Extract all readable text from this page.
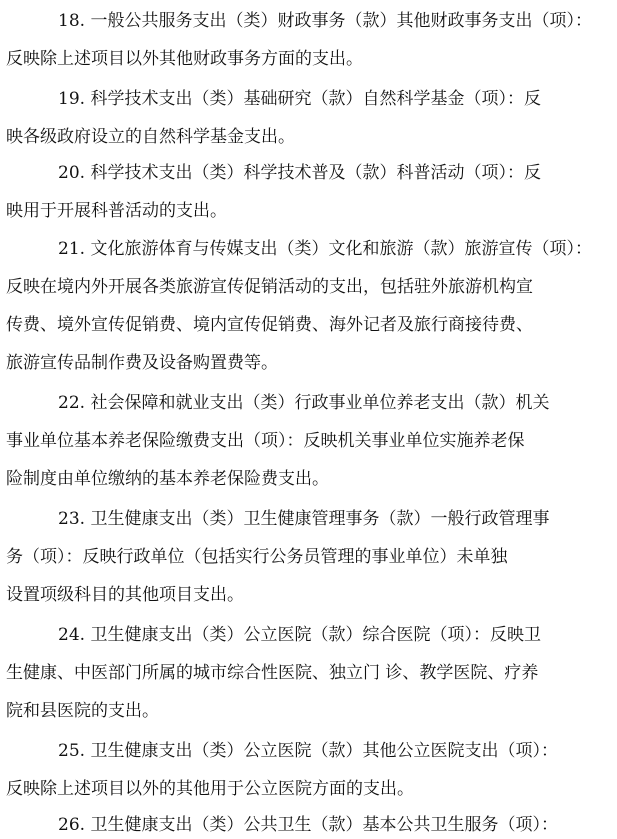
18. 一般公共服务支出（类）财政事务（款）其他财政事务支出（项）：
反映除上述项目以外其他财政事务方面的支出。
19. 科学技术支出（类）基础研究（款）自然科学基金（项）：反
映各级政府设立的自然科学基金支出。
20. 科学技术支出（类）科学技术普及（款）科普活动（项）：反
映用于开展科普活动的支出。
21. 文化旅游体育与传媒支出（类）文化和旅游（款）旅游宣传（项）：
反映在境内外开展各类旅游宣传促销活动的支出，包括驻外旅游机构宣
传费、境外宣传促销费、境内宣传促销费、海外记者及旅行商接待费、
旅游宣传品制作费及设备购置费等。
22. 社会保障和就业支出（类）行政事业单位养老支出（款）机关
事业单位基本养老保险缴费支出（项）：反映机关事业单位实施养老保
险制度由单位缴纳的基本养老保险费支出。
23. 卫生健康支出（类）卫生健康管理事务（款）一般行政管理事
务（项）：反映行政单位（包括实行公务员管理的事业单位）未单独
设置项级科目的其他项目支出。
24. 卫生健康支出（类）公立医院（款）综合医院（项）：反映卫
生健康、中医部门所属的城市综合性医院、独立门 诊、教学医院、疗养
院和县医院的支出。
25. 卫生健康支出（类）公立医院（款）其他公立医院支出（项）：
反映除上述项目以外的其他用于公立医院方面的支出。
26. 卫生健康支出（类）公共卫生（款）基本公共卫生服务（项）：
